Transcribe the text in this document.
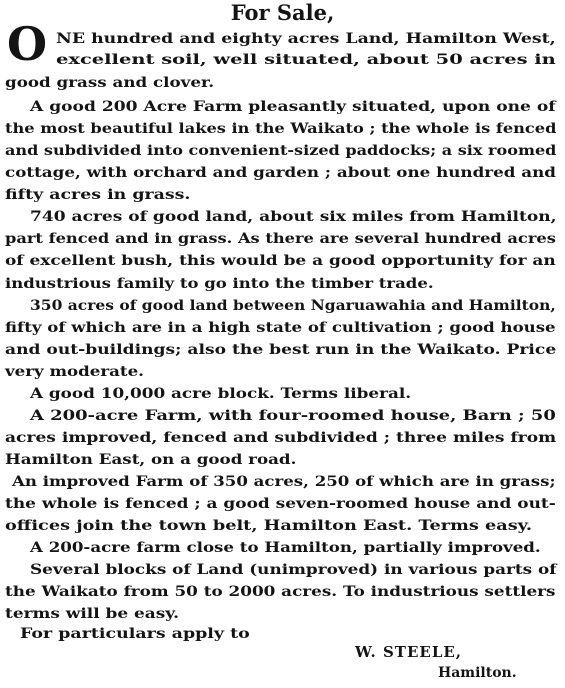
For Sale,
O NE hundred and eighty acres Land, Hamilton West,
excellent soil, well situated, about 50 acres in
good grass and clover.
A good 200 Acre Farm pleasantly situated, upon one of
the most beautiful lakes in the Waikato ; the whole is fenced
and subdivided into convenient-sized paddocks; a six roomed
cottage, with orchard and garden ; about one hundred and
fifty acres in grass.
740 acres of good land, about six miles from Hamilton,
part fenced and in grass. As there are several hundred acres
of excellent bush, this would be a good opportunity for an
industrious family to go into the timber trade.
350 acres of good land between Ngaruawahia and Hamilton,
fifty of which are in a high state of cultivation ; good house
and out-buildings; also the best run in the Waikato. Price
very moderate.
A good 10,000 acre block. Terms liberal.
A 200-acre Farm, with four-roomed house, Barn ; 50
acres improved, fenced and subdivided ; three miles from
Hamilton East, on a good road.
An improved Farm of 350 acres, 250 of which are in grass;
the whole is fenced ; a good seven-roomed house and out-
offices join the town belt, Hamilton East. Terms easy.
A 200-acre farm close to Hamilton, partially improved.
Several blocks of Land (unimproved) in various parts of
the Waikato from 50 to 2000 acres. To industrious settlers
terms will be easy.
For particulars apply to
W. STEELE,
Hamilton.
